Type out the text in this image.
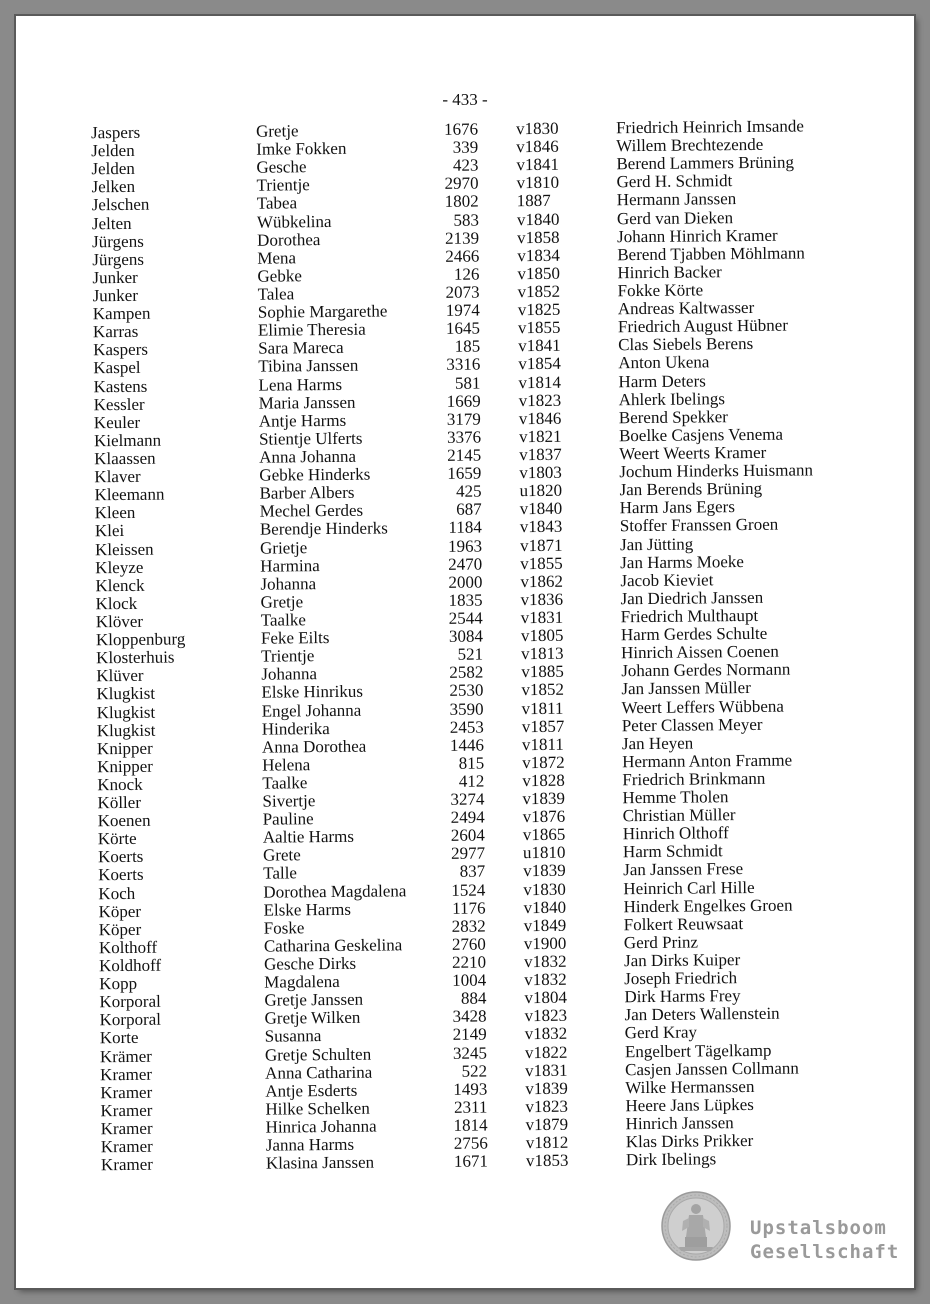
- 433 -
Jaspers	Gretje	1676 v1830	Friedrich Heinrich Imsande
Jelden	Imke Fokken	339 v1846	Willem Brechtezende
Jelden	Gesche	423 v1841	Berend Lammers Brüning
Jelken	Trientje	2970 v1810	Gerd H. Schmidt
Jelschen	Tabea	1802 1887	Hermann Janssen
Jelten	Wübkelina	583 v1840	Gerd van Dieken
Jürgens	Dorothea	2139 v1858	Johann Hinrich Kramer
Jürgens	Mena	2466 v1834	Berend Tjabben Möhlmann
Junker	Gebke	126 v1850	Hinrich Backer
Junker	Talea	2073 v1852	Fokke Körte
Kampen	Sophie Margarethe	1974 v1825	Andreas Kaltwasser
Karras	Elimie Theresia	1645 v1855	Friedrich August Hübner
Kaspers	Sara Mareca	185 v1841	Clas Siebels Berens
Kaspel	Tibina Janssen	3316 v1854	Anton Ukena
Kastens	Lena Harms	581 v1814	Harm Deters
Kessler	Maria Janssen	1669 v1823	Ahlerk Ibelings
Keuler	Antje Harms	3179 v1846	Berend Spekker
Kielmann	Stientje Ulferts	3376 v1821	Boelke Casjens Venema
Klaassen	Anna Johanna	2145 v1837	Weert Weerts Kramer
Klaver	Gebke Hinderks	1659 v1803	Jochum Hinderks Huismann
Kleemann	Barber Albers	425 u1820	Jan Berends Brüning
Kleen	Mechel Gerdes	687 v1840	Harm Jans Egers
Klei	Berendje Hinderks	1184 v1843	Stoffer Franssen Groen
Kleissen	Grietje	1963 v1871	Jan Jütting
Kleyze	Harmina	2470 v1855	Jan Harms Moeke
Klenck	Johanna	2000 v1862	Jacob Kieviet
Klock	Gretje	1835 v1836	Jan Diedrich Janssen
Klöver	Taalke	2544 v1831	Friedrich Multhaupt
Kloppenburg	Feke Eilts	3084 v1805	Harm Gerdes Schulte
Klosterhuis	Trientje	521 v1813	Hinrich Aissen Coenen
Klüver	Johanna	2582 v1885	Johann Gerdes Normann
Klugkist	Elske Hinrikus	2530 v1852	Jan Janssen Müller
Klugkist	Engel Johanna	3590 v1811	Weert Leffers Wübbena
Klugkist	Hinderika	2453 v1857	Peter Classen Meyer
Knipper	Anna Dorothea	1446 v1811	Jan Heyen
Knipper	Helena	815 v1872	Hermann Anton Framme
Knock	Taalke	412 v1828	Friedrich Brinkmann
Köller	Sivertje	3274 v1839	Hemme Tholen
Koenen	Pauline	2494 v1876	Christian Müller
Körte	Aaltie Harms	2604 v1865	Hinrich Olthoff
Koerts	Grete	2977 u1810	Harm Schmidt
Koerts	Talle	837 v1839	Jan Janssen Frese
Koch	Dorothea Magdalena	1524 v1830	Heinrich Carl Hille
Köper	Elske Harms	1176 v1840	Hinderk Engelkes Groen
Köper	Foske	2832 v1849	Folkert Reuwsaat
Kolthoff	Catharina Geskelina	2760 v1900	Gerd Prinz
Koldhoff	Gesche Dirks	2210 v1832	Jan Dirks Kuiper
Kopp	Magdalena	1004 v1832	Joseph Friedrich
Korporal	Gretje Janssen	884 v1804	Dirk Harms Frey
Korporal	Gretje Wilken	3428 v1823	Jan Deters Wallenstein
Korte	Susanna	2149 v1832	Gerd Kray
Krämer	Gretje Schulten	3245 v1822	Engelbert Tägelkamp
Kramer	Anna Catharina	522 v1831	Casjen Janssen Collmann
Kramer	Antje Esderts	1493 v1839	Wilke Hermanssen
Kramer	Hilke Schelken	2311 v1823	Heere Jans Lüpkes
Kramer	Hinrica Johanna	1814 v1879	Hinrich Janssen
Kramer	Janna Harms	2756 v1812	Klas Dirks Prikker
Kramer	Klasina Janssen	1671 v1853	Dirk Ibelings
Upstalsboom
Gesellschaft
